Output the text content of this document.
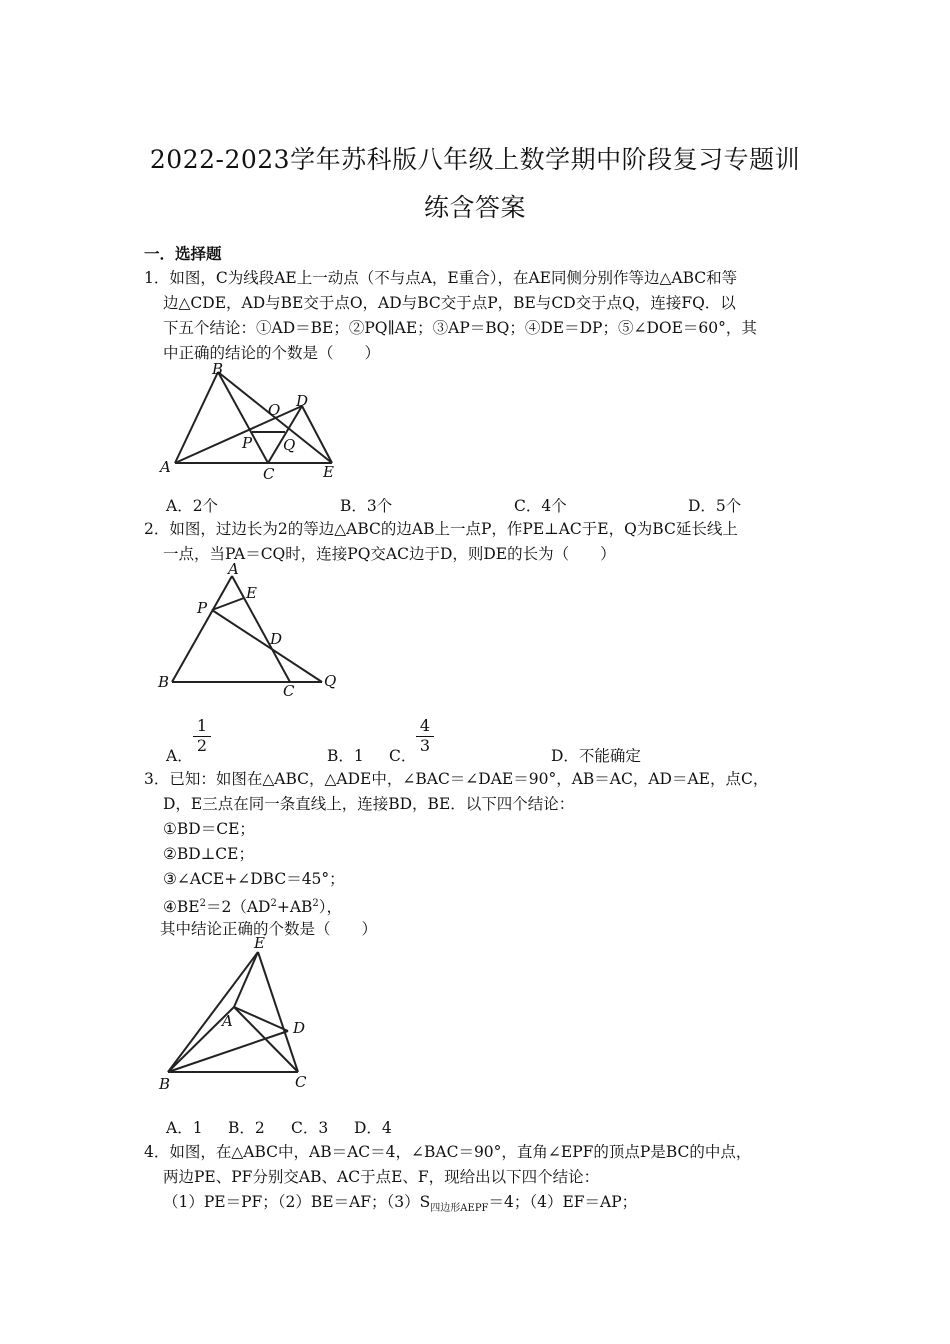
2022-2023学年苏科版八年级上数学期中阶段复习专题训
练含答案
一．选择题
1．如图，C为线段AE上一动点（不与点A，E重合），在AE同侧分别作等边△ABC和等
边△CDE，AD与BE交于点O，AD与BC交于点P，BE与CD交于点Q，连接FQ．以
下五个结论：①AD＝BE；②PQ∥AE；③AP＝BQ；④DE＝DP；⑤∠DOE＝60°，其
中正确的结论的个数是（　　）
B
O D
P Q
A	C	E
A．2个	B．3个	C．4个	D．5个
2．如图，过边长为2的等边△ABC的边AB上一点P，作PE⊥AC于E，Q为BC延长线上
一点，当PA＝CQ时，连接PQ交AC边于D，则DE的长为（　　）
A
E
P
D
B	C
Q
A．
$\frac{1}{2}$
B．1 C．
$\frac{4}{3}$
D．不能确定
3．已知：如图在△ABC，△ADE中，∠BAC＝∠DAE＝90°，AB＝AC，AD＝AE，点C，
D，E三点在同一条直线上，连接BD，BE．以下四个结论：
①BD＝CE；
②BD⊥CE；
③∠ACE+∠DBC＝45°；
$④BE^2=2(AD^2+AB^2)$，
其中结论正确的个数是（　　）
E
A	D
B	C
A．1 B．2 C．3 D．4
4．如图，在△ABC中，AB＝AC＝4，∠BAC＝90°，直角∠EPF的顶点P是BC的中点，
两边PE、PF分别交AB、AC于点E、F，现给出以下四个结论：
（1）PE＝PF；（2）BE＝AF；$(3)S_{四边形AEPF}=4$；（4）EF＝AP；
